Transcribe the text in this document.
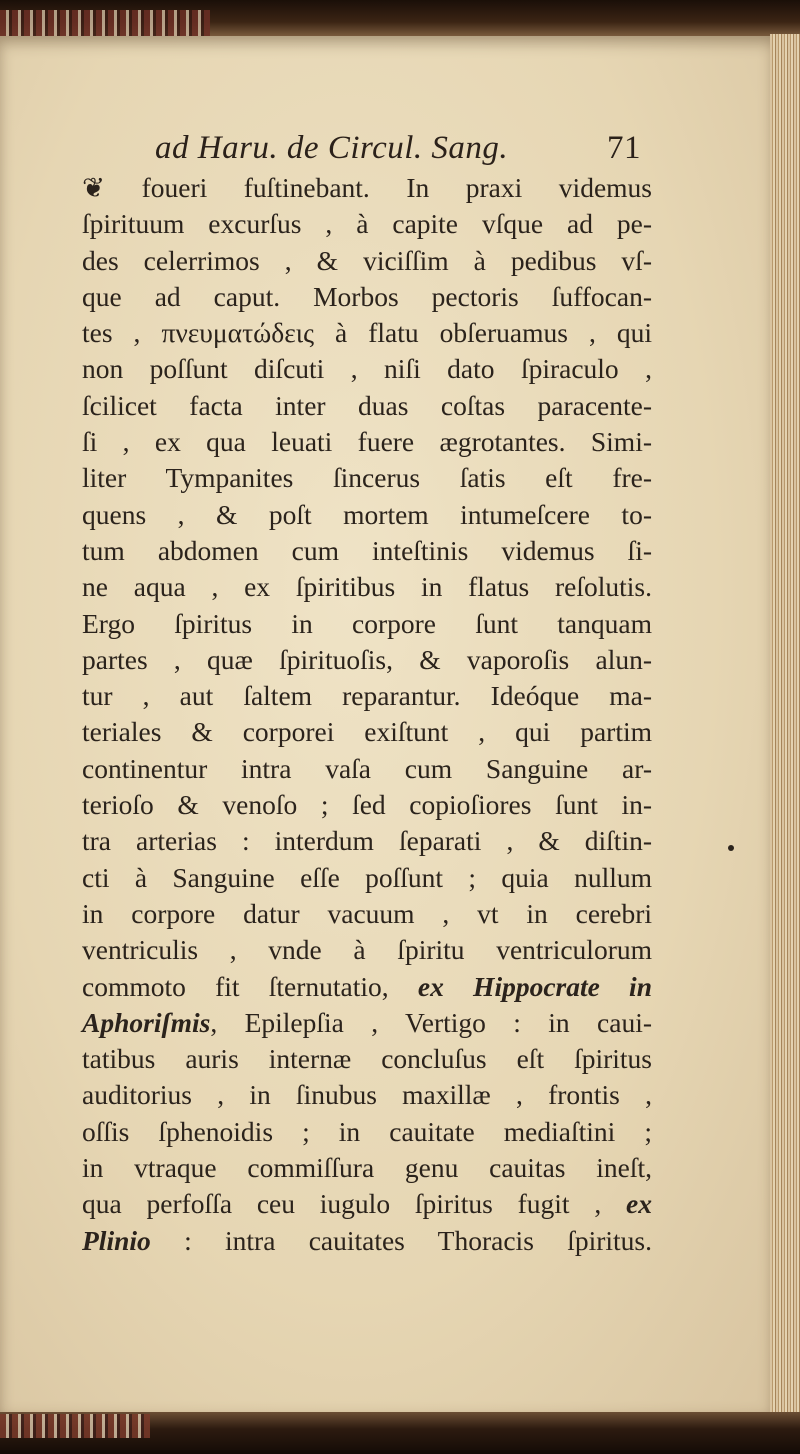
ad Haru. de Circul. Sang.	71
❦ foueri fuſtinebant. In praxi videmus
ſpirituum excurſus , à capite vſque ad pe-
des celerrimos , & viciſſim à pedibus vſ-
que ad caput. Morbos pectoris ſuffocan-
tes , πνευματώδεις à flatu obſeruamus , qui
non poſſunt diſcuti , niſi dato ſpiraculo ,
ſcilicet facta inter duas coſtas paracente-
ſi , ex qua leuati fuere ægrotantes. Simi-
liter Tympanites ſincerus ſatis eſt fre-
quens , & poſt mortem intumeſcere to-
tum abdomen cum inteſtinis videmus ſi-
ne aqua , ex ſpiritibus in flatus reſolutis.
Ergo ſpiritus in corpore ſunt tanquam
partes , quæ ſpirituoſis, & vaporoſis alun-
tur , aut ſaltem reparantur. Ideóque ma-
teriales & corporei exiſtunt , qui partim
continentur intra vaſa cum Sanguine ar-
terioſo & venoſo ; ſed copioſiores ſunt in-
tra arterias : interdum ſeparati , & diſtin-
cti à Sanguine eſſe poſſunt ; quia nullum
in corpore datur vacuum , vt in cerebri
ventriculis , vnde à ſpiritu ventriculorum
commoto fit ſternutatio, ex Hippocrate in
Aphoriſmis, Epilepſia , Vertigo : in caui-
tatibus auris internæ concluſus eſt ſpiritus
auditorius , in ſinubus maxillæ , frontis ,
oſſis ſphenoidis ; in cauitate mediaſtini ;
in vtraque commiſſura genu cauitas ineſt,
qua perfoſſa ceu iugulo ſpiritus fugit , ex
Plinio : intra cauitates Thoracis ſpiritus.
